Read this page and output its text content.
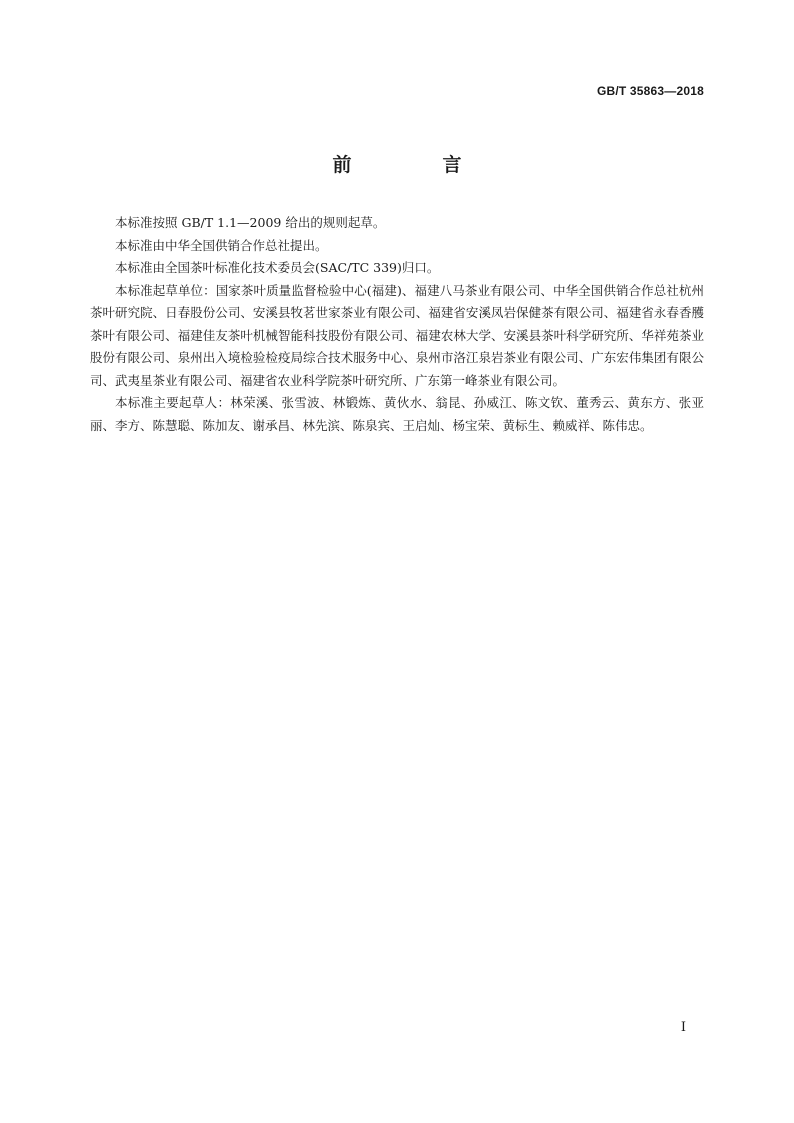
GB/T 35863—2018
前　言

本标准按照 GB/T 1.1—2009 给出的规则起草。

本标准由中华全国供销合作总社提出。

本标准由全国茶叶标准化技术委员会(SAC/TC 339)归口。

本标准起草单位：国家茶叶质量监督检验中心(福建)、福建八马茶业有限公司、中华全国供销合作总社杭州茶叶研究院、日春股份公司、安溪县牧茗世家茶业有限公司、福建省安溪凤岩保健茶有限公司、福建省永春香雘茶叶有限公司、福建佳友茶叶机械智能科技股份有限公司、福建农林大学、安溪县茶叶科学研究所、华祥苑茶业股份有限公司、泉州出入境检验检疫局综合技术服务中心、泉州市洛江泉岩茶业有限公司、广东宏伟集团有限公司、武夷星茶业有限公司、福建省农业科学院茶叶研究所、广东第一峰茶业有限公司。

本标准主要起草人：林荣溪、张雪波、林锻炼、黄伙水、翁昆、孙威江、陈文钦、董秀云、黄东方、张亚丽、李方、陈慧聪、陈加友、谢承昌、林先滨、陈泉宾、王启灿、杨宝荣、黄标生、赖威祥、陈伟忠。

I
